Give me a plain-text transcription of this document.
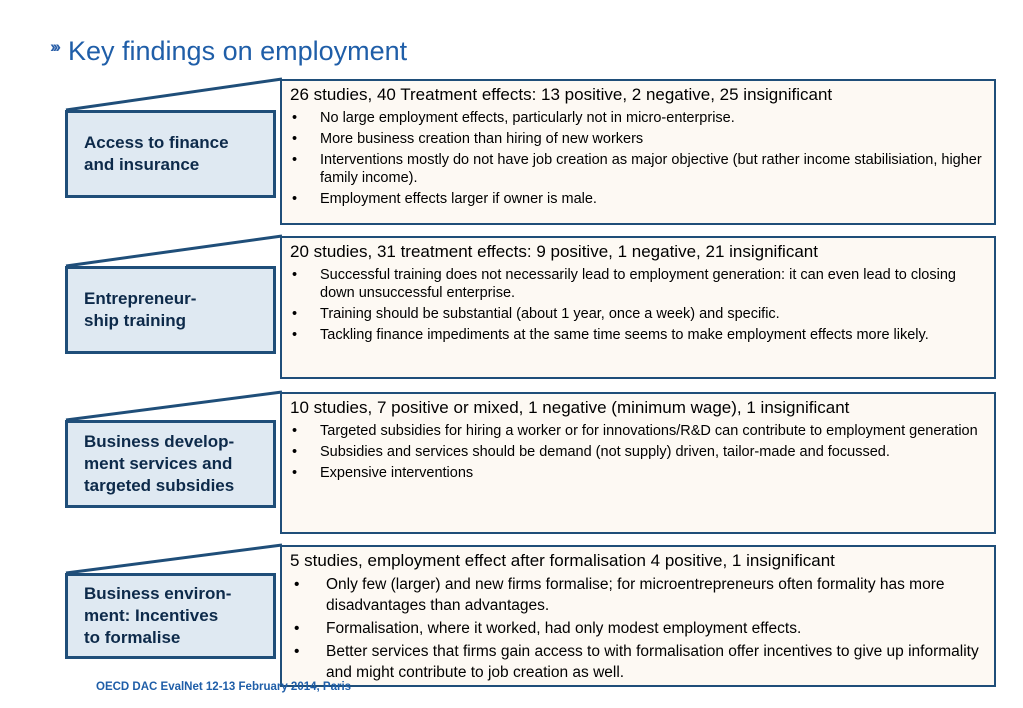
››› Key findings on employment
Access to finance
and insurance
26 studies, 40 Treatment effects: 13 positive, 2 negative, 25 insignificant
• No large employment effects, particularly not in micro-enterprise.
• More business creation than hiring of new workers
• Interventions mostly do not have job creation as major objective (but rather income stabilisiation, higher family income).
• Employment effects larger if owner is male.
Entrepreneur-
ship training
20 studies, 31 treatment effects: 9 positive, 1 negative, 21 insignificant
• Successful training does not necessarily lead to employment generation: it can even lead to closing down unsuccessful enterprise.
• Training should be substantial (about 1 year, once a week) and specific.
• Tackling finance impediments at the same time seems to make employment effects more likely.
Business develop-
ment services and
targeted subsidies
10 studies, 7 positive or mixed, 1 negative (minimum wage), 1 insignificant
• Targeted subsidies for hiring a worker or for innovations/R&D can contribute to employment generation
• Subsidies and services should be demand (not supply) driven, tailor-made and focussed.
• Expensive interventions
Business environ-
ment: Incentives
to formalise
5 studies, employment effect after formalisation 4 positive, 1 insignificant
• Only few (larger) and new firms formalise; for microentrepreneurs often formality has more disadvantages than advantages.
• Formalisation, where it worked, had only modest employment effects.
• Better services that firms gain access to with formalisation offer incentives to give up informality and might contribute to job creation as well.
OECD DAC EvalNet 12-13 February 2014, Paris
